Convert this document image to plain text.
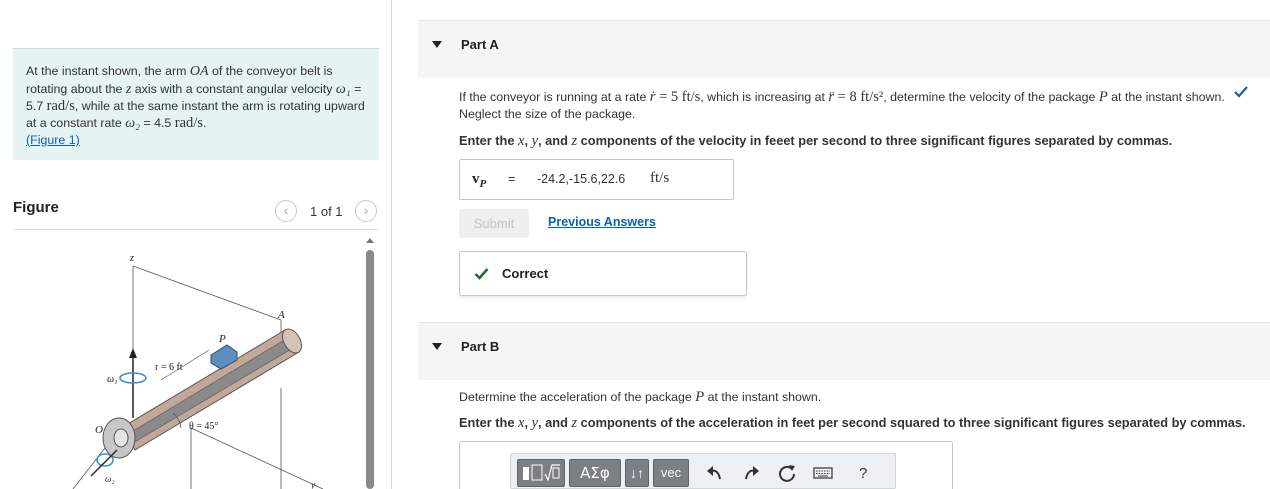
At the instant shown, the arm OA of the conveyor belt is rotating about the z axis with a constant angular velocity ω₁ = 5.7 rad/s, while at the same instant the arm is rotating upward at a constant rate ω₂ = 4.5 rad/s.
(Figure 1)
Figure	‹	1 of 1	›
z
A
P
r = 6 ft
ω₁
O	θ = 45°
ω₂
y
Part A
If the conveyor is running at a rate ṙ = 5 ft/s, which is increasing at r̈ = 8 ft/s², determine the velocity of the package P at the instant shown. Neglect the size of the package.
Enter the x, y, and z components of the velocity in feeet per second to three significant figures separated by commas.
$v_P = -24.2,-15.6,22.6$ ft/s
Submit	Previous Answers
Correct
Part B
Determine the acceleration of the package P at the instant shown.
Enter the x, y, and z components of the acceleration in feet per second squared to three significant figures separated by commas.
ΑΣφ	↓↑	vec	?
